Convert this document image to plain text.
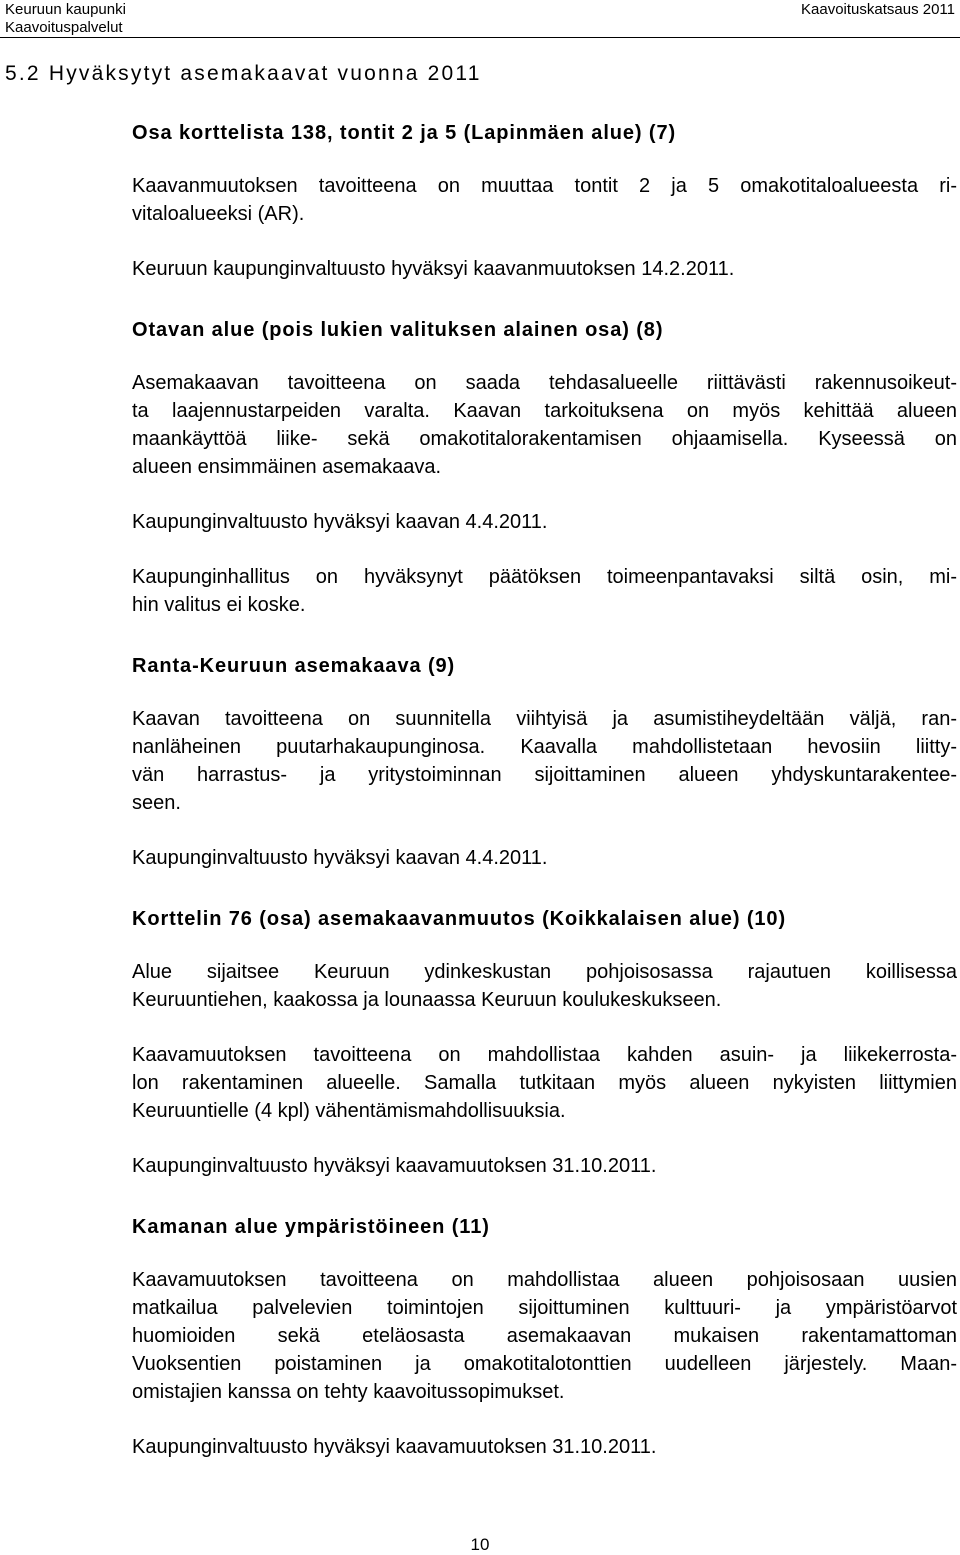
Keuruun kaupunki
Kaavoituspalvelut
Kaavoituskatsaus 2011
5.2 Hyväksytyt asemakaavat vuonna 2011
Osa korttelista 138, tontit 2 ja 5 (Lapinmäen alue) (7)

Kaavanmuutoksen tavoitteena on muuttaa tontit 2 ja 5 omakotitaloalueesta ri-
vitaloalueeksi (AR).

Keuruun kaupunginvaltuusto hyväksyi kaavanmuutoksen 14.2.2011.

Otavan alue (pois lukien valituksen alainen osa) (8)

Asemakaavan tavoitteena on saada tehdasalueelle riittävästi rakennusoikeut-
ta laajennustarpeiden varalta. Kaavan tarkoituksena on myös kehittää alueen
maankäyttöä liike- sekä omakotitalorakentamisen ohjaamisella. Kyseessä on
alueen ensimmäinen asemakaava.

Kaupunginvaltuusto hyväksyi kaavan 4.4.2011.

Kaupunginhallitus on hyväksynyt päätöksen toimeenpantavaksi siltä osin, mi-
hin valitus ei koske.

Ranta-Keuruun asemakaava (9)

Kaavan tavoitteena on suunnitella viihtyisä ja asumistiheydeltään väljä, ran-
nanläheinen puutarhakaupunginosa. Kaavalla mahdollistetaan hevosiin liitty-
vän harrastus- ja yritystoiminnan sijoittaminen alueen yhdyskuntarakentee-
seen.

Kaupunginvaltuusto hyväksyi kaavan 4.4.2011.

Korttelin 76 (osa) asemakaavanmuutos (Koikkalaisen alue) (10)

Alue sijaitsee Keuruun ydinkeskustan pohjoisosassa rajautuen koillisessa
Keuruuntiehen, kaakossa ja lounaassa Keuruun koulukeskukseen.

Kaavamuutoksen tavoitteena on mahdollistaa kahden asuin- ja liikekerrosta-
lon rakentaminen alueelle. Samalla tutkitaan myös alueen nykyisten liittymien
Keuruuntielle (4 kpl) vähentämismahdollisuuksia.

Kaupunginvaltuusto hyväksyi kaavamuutoksen 31.10.2011.

Kamanan alue ympäristöineen (11)

Kaavamuutoksen tavoitteena on mahdollistaa alueen pohjoisosaan uusien
matkailua palvelevien toimintojen sijoittuminen kulttuuri- ja ympäristöarvot
huomioiden sekä eteläosasta asemakaavan mukaisen rakentamattoman
Vuoksentien poistaminen ja omakotitalotonttien uudelleen järjestely. Maan-
omistajien kanssa on tehty kaavoitussopimukset.

Kaupunginvaltuusto hyväksyi kaavamuutoksen 31.10.2011.

10
